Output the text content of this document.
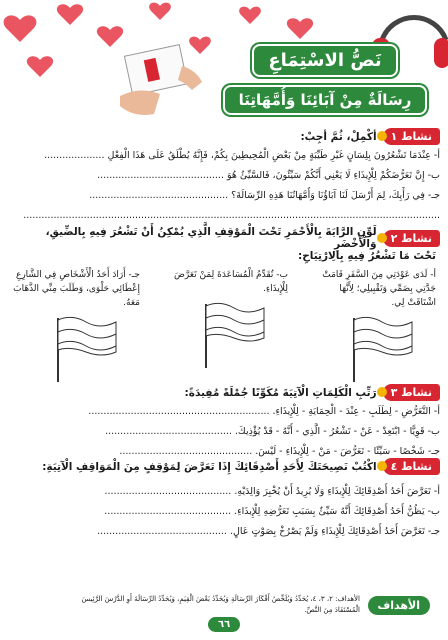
نَصُّ الاسْتِمَاعِ
رِسَالَةٌ مِنْ آبَائِنَا وَأُمَّهَاتِنَا
نشاط ١
أكْمِلْ، ثُمَّ أجِبْ:
أ- عِنْدَمَا تَشْعُرُونَ بِلِسَانٍ غَيْرِ طَيِّبَةٍ مِنْ بَعْضِ الْمُحِيطِينَ بِكُمْ، فَإِنَّهُ يُطْلَقُ عَلَى هَذَا الْفِعْلِ ....................
ب- إِنَّ تَعَرُّضَكُمْ لِلْإِيذَاءِ لَا يَعْنِي أَنَّكُمْ سَيِّئُونَ، فَالسَّيِّئُ هُوَ ..........................................
جـ- فِي رَأْيِكَ، لِمَ أَرْسَلَ لَنَا آبَاؤُنَا وَأُمَّهَاتُنَا هَذِهِ الرِّسَالَةَ؟ ..............................................
..........................................................................................................................................
نشاط ٢
لَوِّنِ الرَّايَةَ بِالْأَحْمَرِ تَحْتَ الْمَوْقِفِ الَّذِي يُمْكِنُ أَنْ تَشْعُرَ فِيهِ بِالضِّيقِ، وَالْأَخْضَرِ
تَحْتَ مَا تَشْعُرُ فِيهِ بِالِارْتِيَاحِ:

أ- لَدَى عَوْدَتِي مِنَ السَّفَرِ قَامَتْ جَدَّتِي بِضَمِّي وَتَقْبِيلِي؛ لِأَنَّهَا اشْتَاقَتْ لِي.

ب- تُقَدِّمُ الْمُسَاعَدَةَ لِمَنْ تَعَرَّضَ لِلْإِيذَاءِ.

جـ- أَرَادَ أَحَدُ الْأَشْخَاصِ فِي الشَّارِعِ إِعْطَائِي حَلْوَى، وَطَلَبَ مِنِّي الذَّهَابَ مَعَهُ.

نشاط ٣
رَتِّبِ الْكَلِمَاتِ الْآتِيَةَ مُكَوِّنًا جُمْلَةً مُفِيدَةً:
أ- التَّعَرُّضِ - لِطَلَبِ - عِنْدَ - الْحِمَايَةِ - لِلْإِيذَاءِ. ............................................................
ب- قَوِيًّا - ابْتَعِدْ - عَنْ - تَشْعُرُ - الَّذِي - أَنَّهُ - قَدْ يُؤْذِيكَ. ..........................................
جـ- شَخْصًا - سَيِّئًا - تَعَرُّضَ - مَنْ - لِلْإِيذَاءِ - لَيْسَ. ............................................
نشاط ٤
اكْتُبْ نَصِيحَتَكَ لِأَحَدِ أَصْدِقَائِكَ إِذَا تَعَرَّضَ لِمَوْقِفٍ مِنَ الْمَوَاقِفِ الْآتِيَةِ:
أ- تَعَرَّضَ أَحَدُ أَصْدِقَائِكَ لِلْإِيذَاءِ وَلَا يُرِيدُ أَنْ يُخْبِرَ وَالِدَيْهِ. ..........................................
ب- يَظُنُّ أَحَدُ أَصْدِقَائِكَ أَنَّهُ سَيِّئٌ بِسَبَبِ تَعَرُّضِهِ لِلْإِيذَاءِ. ..........................................
جـ- تَعَرَّضَ أَحَدُ أَصْدِقَائِكَ لِلْإِيذَاءِ وَلَمْ يَصْرُخْ بِصَوْتٍ عَالٍ. ...........................................
الأهداف
الأهداف: ٢، ٣، ٤، يُحَدِّدُ وَيُلَخِّصُ أَفْكَارَ الرِّسَالَةِ وَيُحَدِّدُ بَعْضَ الْقِيَمِ، وَيُحَدِّدُ الرِّسَالَةَ أَوِ الدَّرْسَ الرَّئِيسَ الْمُسْتَفَادَ مِنَ النَّصِّ.
٦٦
